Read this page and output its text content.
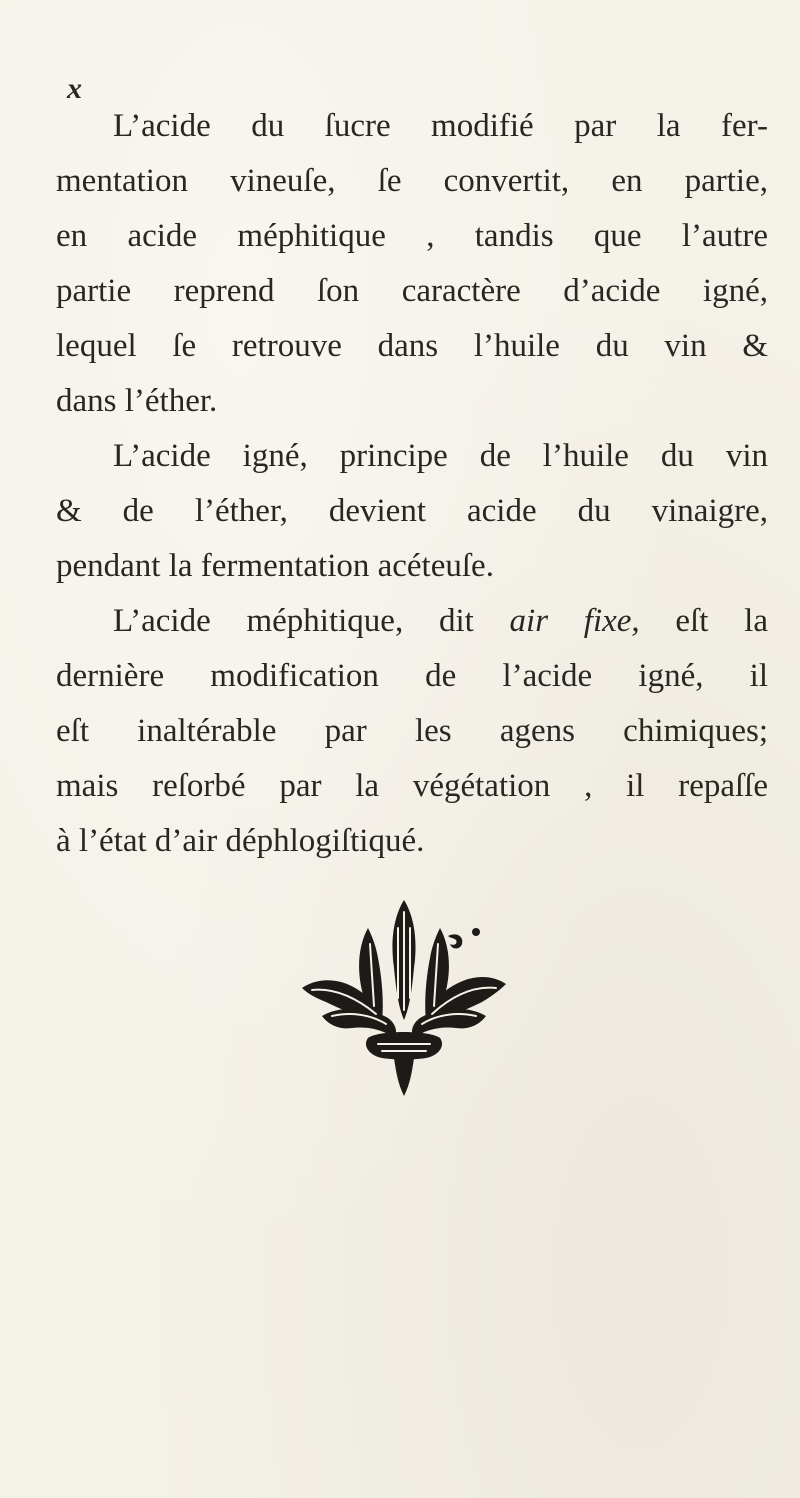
x
L’acide du ſucre modifié par la fer-
mentation vineuſe, ſe convertit, en partie,
en acide méphitique , tandis que l’autre
partie reprend ſon caractère d’acide igné,
lequel ſe retrouve dans l’huile du vin &
dans l’éther.
L’acide igné, principe de l’huile du vin
& de l’éther, devient acide du vinaigre,
pendant la fermentation acéteuſe.
L’acide méphitique, dit air fixe, eſt la
dernière modification de l’acide igné, il
eſt inaltérable par les agens chimiques;
mais reſorbé par la végétation , il repaſſe
à l’état d’air déphlogiſtiqué.
